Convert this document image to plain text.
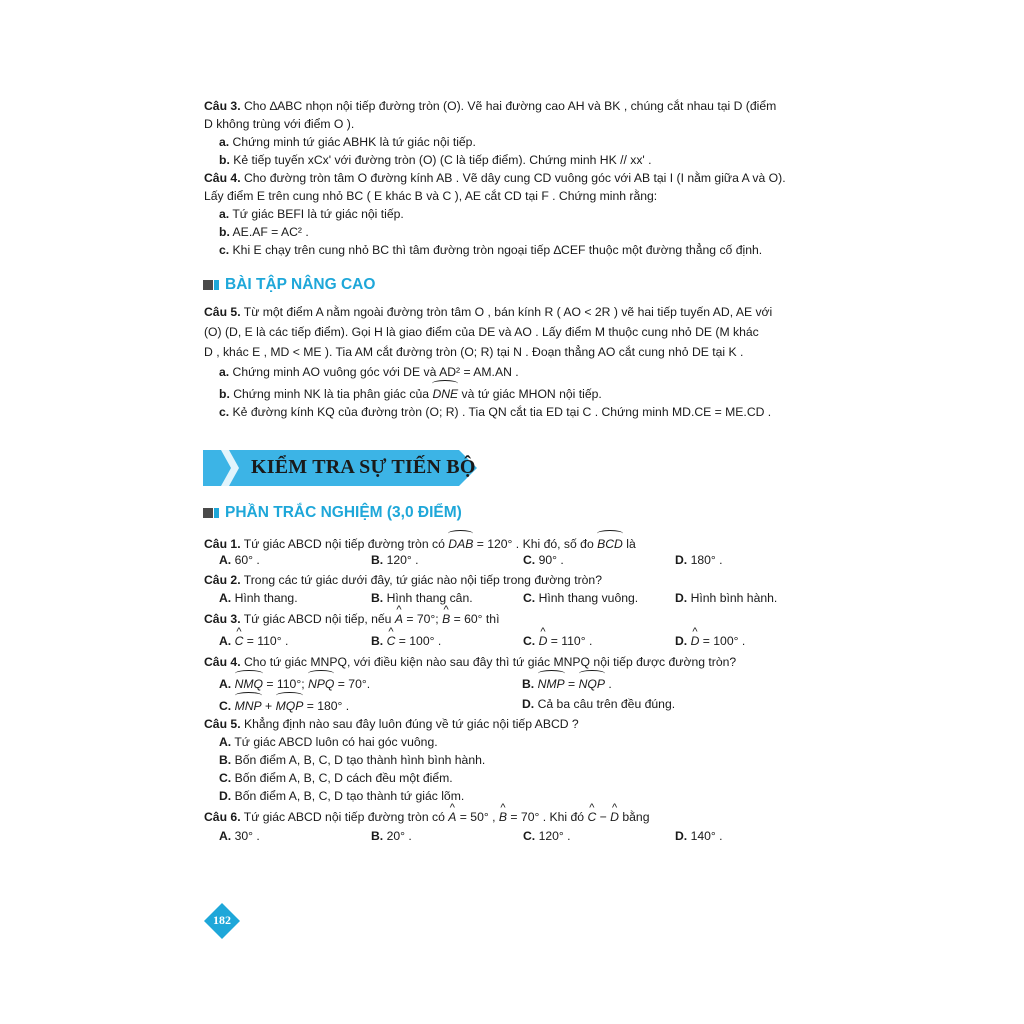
Câu 3. Cho ∆ABC nhọn nội tiếp đường tròn (O). Vẽ hai đường cao AH và BK , chúng cắt nhau tại D (điểm
D không trùng với điểm O ).
a. Chứng minh tứ giác ABHK là tứ giác nội tiếp.
b. Kẻ tiếp tuyến xCx' với đường tròn (O) (C là tiếp điểm). Chứng minh HK // xx' .
Câu 4. Cho đường tròn tâm O đường kính AB . Vẽ dây cung CD vuông góc với AB tại I (I nằm giữa A và O).
Lấy điểm E trên cung nhỏ BC ( E khác B và C ), AE cắt CD tại F . Chứng minh rằng:
a. Tứ giác BEFI là tứ giác nội tiếp.
b. AE.AF = AC² .
c. Khi E chạy trên cung nhỏ BC thì tâm đường tròn ngoại tiếp ∆CEF thuộc một đường thẳng cố định.
BÀI TẬP NÂNG CAO
Câu 5. Từ một điểm A nằm ngoài đường tròn tâm O , bán kính R ( AO < 2R ) vẽ hai tiếp tuyến AD, AE với
(O) (D, E là các tiếp điểm). Gọi H là giao điểm của DE và AO . Lấy điểm M thuộc cung nhỏ DE (M khác
D , khác E , MD < ME ). Tia AM cắt đường tròn (O; R) tại N . Đoạn thẳng AO cắt cung nhỏ DE tại K .
a. Chứng minh AO vuông góc với DE và AD² = AM.AN .
b. Chứng minh NK là tia phân giác của DNE và tứ giác MHON nội tiếp.
c. Kẻ đường kính KQ của đường tròn (O; R) . Tia QN cắt tia ED tại C . Chứng minh MD.CE = ME.CD .
KIỂM TRA SỰ TIẾN BỘ
PHẦN TRẮC NGHIỆM (3,0 ĐIỂM)
Câu 1. Tứ giác ABCD nội tiếp đường tròn có DAB = 120° . Khi đó, số đo BCD là
A. 60° .	B. 120° .	C. 90° .	D. 180° .
Câu 2. Trong các tứ giác dưới đây, tứ giác nào nội tiếp trong đường tròn?
A. Hình thang.	B. Hình thang cân.	C. Hình thang vuông.	D. Hình bình hành.
Câu 3. Tứ giác ABCD nội tiếp, nếu ^ A = 70°; ^ B = 60° thì
A. ^ C = 110° .	B. ^ C = 100° .	C. ^ D = 110° .	D. ^ D = 100° .
Câu 4. Cho tứ giác MNPQ, với điều kiện nào sau đây thì tứ giác MNPQ nội tiếp được đường tròn?
A. NMQ = 110°; NPQ = 70°.	B. NMP = NQP .
C. MNP + MQP = 180° .	D. Cả ba câu trên đều đúng.
Câu 5. Khẳng định nào sau đây luôn đúng về tứ giác nội tiếp ABCD ?
A. Tứ giác ABCD luôn có hai góc vuông.
B. Bốn điểm A, B, C, D tạo thành hình bình hành.
C. Bốn điểm A, B, C, D cách đều một điểm.
D. Bốn điểm A, B, C, D tạo thành tứ giác lõm.
Câu 6. Tứ giác ABCD nội tiếp đường tròn có ^ A = 50° , ^ B = 70° . Khi đó ^ C − ^ D bằng
A. 30° .	B. 20° .	C. 120° .	D. 140° .
182
